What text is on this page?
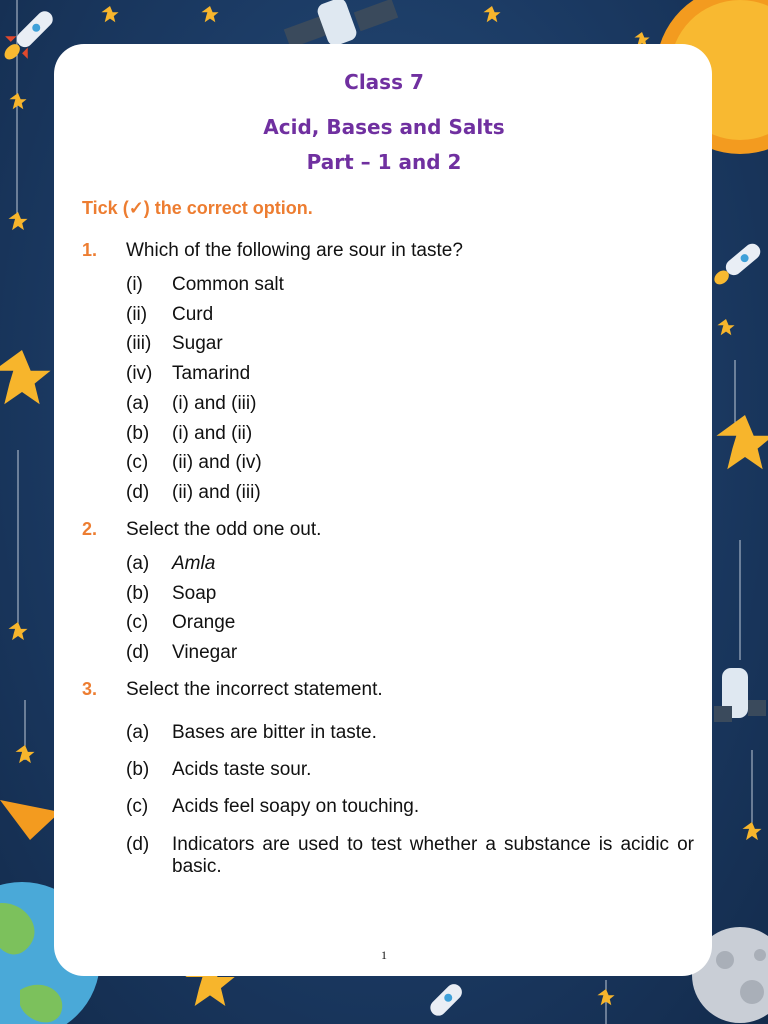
Class 7
Acid, Bases and Salts
Part – 1 and 2
Tick (✓) the correct option.
1. Which of the following are sour in taste?
(i) Common salt
(ii) Curd
(iii) Sugar
(iv) Tamarind
(a) (i) and (iii)
(b) (i) and (ii)
(c) (ii) and (iv)
(d) (ii) and (iii)
2. Select the odd one out.
(a) Amla
(b) Soap
(c) Orange
(d) Vinegar
3. Select the incorrect statement.
(a) Bases are bitter in taste.
(b) Acids taste sour.
(c) Acids feel soapy on touching.
(d) Indicators are used to test whether a substance is acidic or basic.
1
